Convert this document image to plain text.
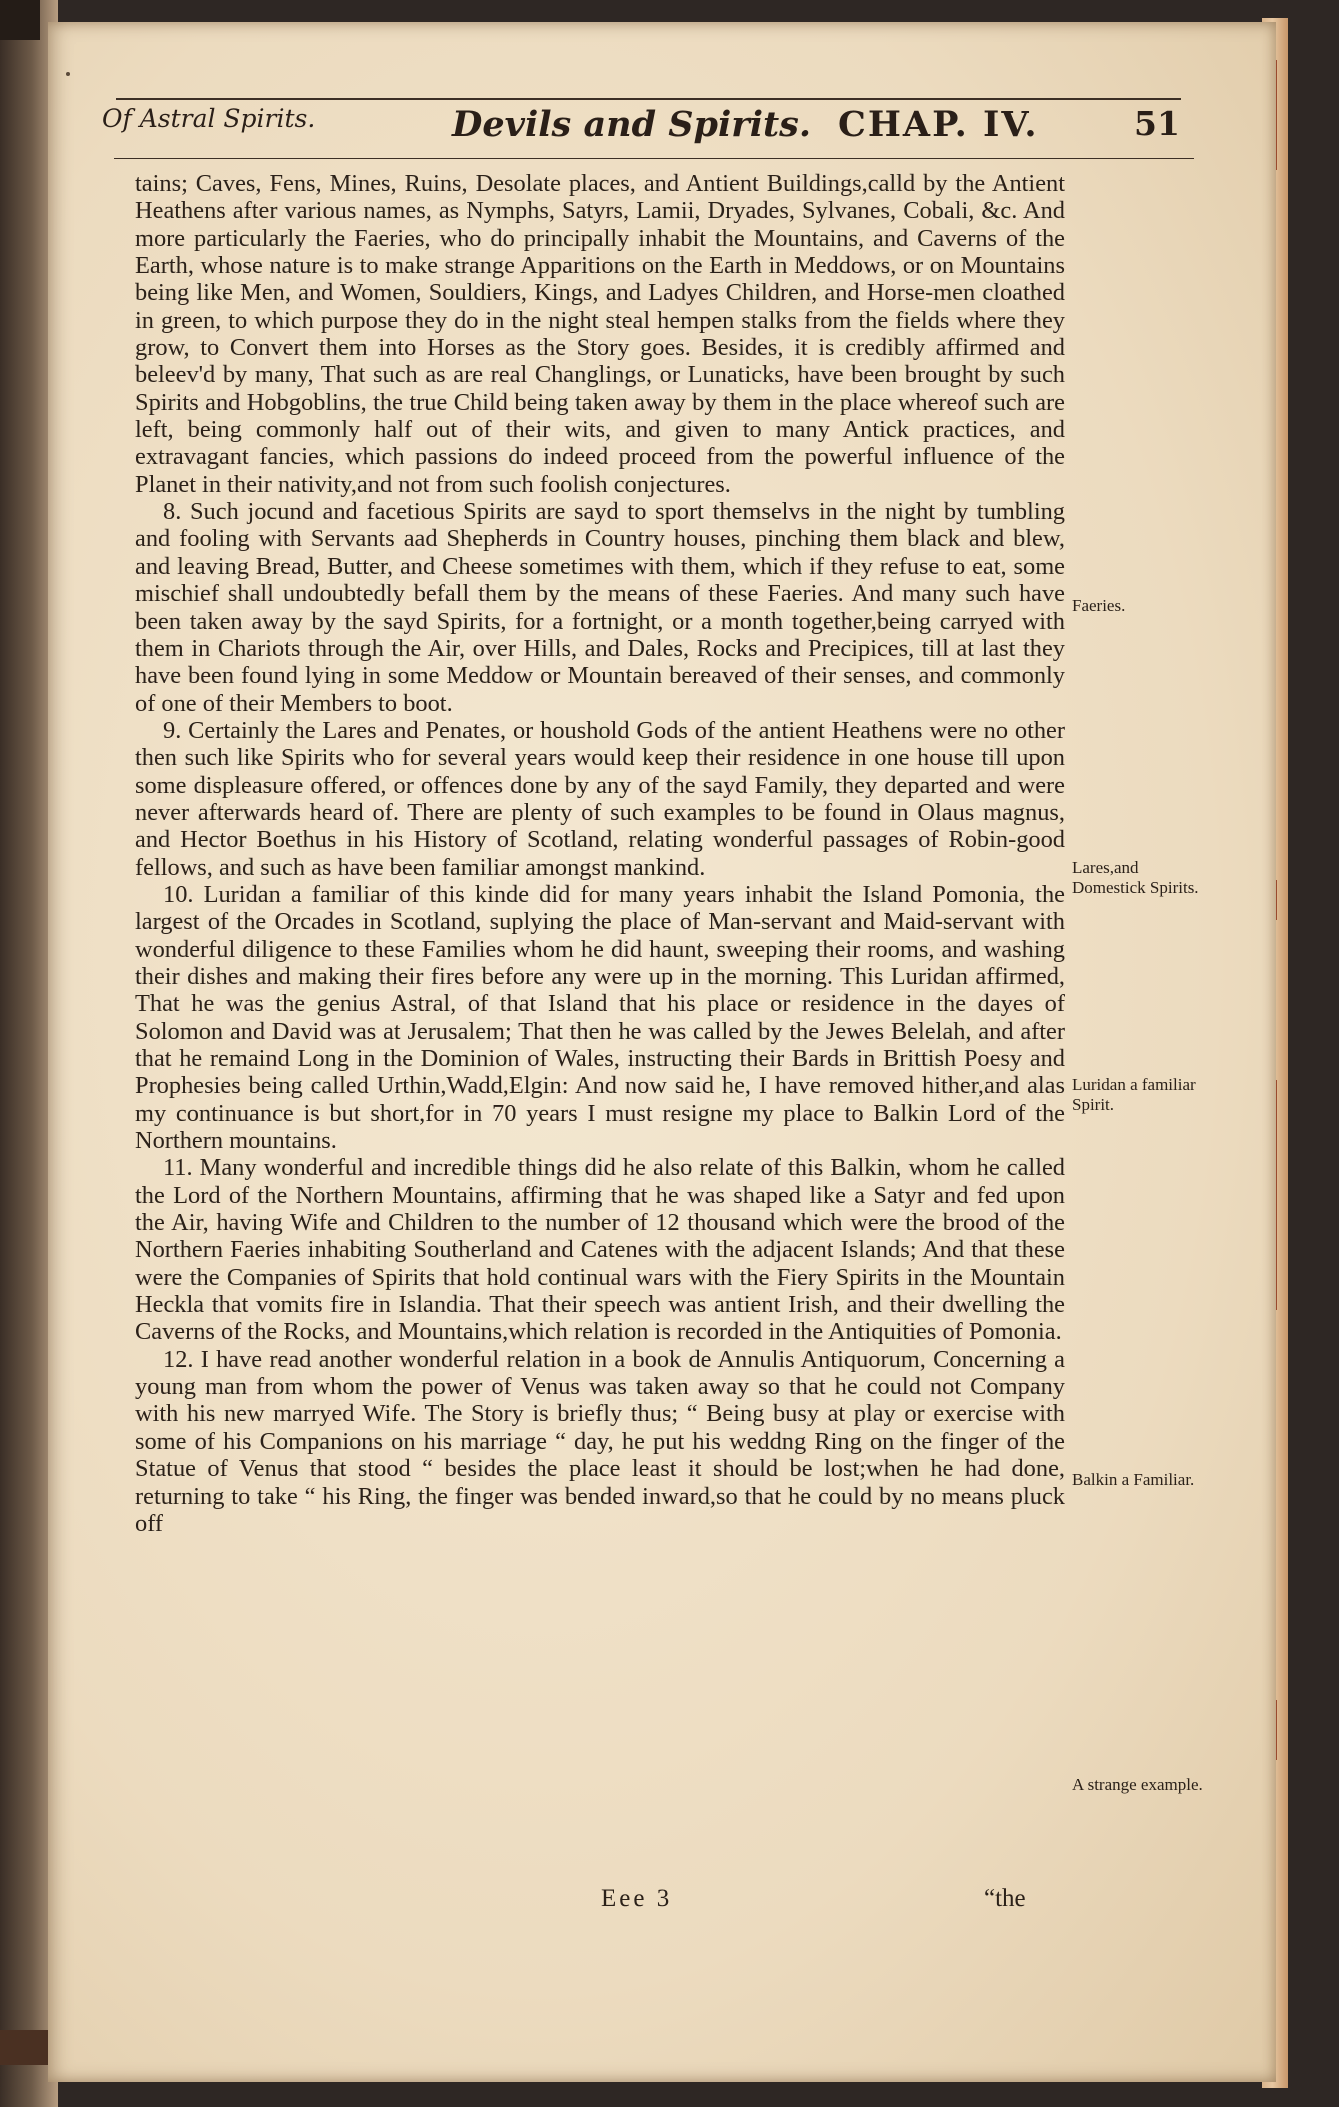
Of Astral Spirits.	Devils and Spirits. CHAP. IV.	51

tains; Caves, Fens, Mines, Ruins, Desolate places, and Antient Buildings,calld by the Antient Heathens after various names, as Nymphs, Satyrs, Lamii, Dryades, Sylvanes, Cobali, &c. And more particularly the Faeries, who do principally inhabit the Mountains, and Caverns of the Earth, whose nature is to make strange Apparitions on the Earth in Meddows, or on Mountains being like Men, and Women, Souldiers, Kings, and Ladyes Children, and Horse-men cloathed in green, to which purpose they do in the night steal hempen stalks from the fields where they grow, to Convert them into Horses as the Story goes. Besides, it is credibly affirmed and beleev'd by many, That such as are real Changlings, or Lunaticks, have been brought by such Spirits and Hobgoblins, the true Child being taken away by them in the place whereof such are left, being commonly half out of their wits, and given to many Antick practices, and extravagant fancies, which passions do indeed proceed from the powerful influence of the Planet in their nativity,and not from such foolish conjectures.

8. Such jocund and facetious Spirits are sayd to sport themselvs in the night by tumbling and fooling with Servants aad Shepherds in Country houses, pinching them black and blew, and leaving Bread, Butter, and Cheese sometimes with them, which if they refuse to eat, some mischief shall undoubtedly befall them by the means of these Faeries. And many such have been taken away by the sayd Spirits, for a fortnight, or a month together,being carryed with them in Chariots through the Air, over Hills, and Dales, Rocks and Precipices, till at last they have been found lying in some Meddow or Mountain bereaved of their senses, and commonly of one of their Members to boot.

9. Certainly the Lares and Penates, or houshold Gods of the antient Heathens were no other then such like Spirits who for several years would keep their residence in one house till upon some displeasure offered, or offences done by any of the sayd Family, they departed and were never afterwards heard of. There are plenty of such examples to be found in Olaus magnus, and Hector Boethus in his History of Scotland, relating wonderful passages of Robin-good fellows, and such as have been familiar amongst mankind.

10. Luridan a familiar of this kinde did for many years inhabit the Island Pomonia, the largest of the Orcades in Scotland, suplying the place of Man-servant and Maid-servant with wonderful diligence to these Families whom he did haunt, sweeping their rooms, and washing their dishes and making their fires before any were up in the morning. This Luridan affirmed, That he was the genius Astral, of that Island that his place or residence in the dayes of Solomon and David was at Jerusalem; That then he was called by the Jewes Belelah, and after that he remaind Long in the Dominion of Wales, instructing their Bards in Brittish Poesy and Prophesies being called Urthin,Wadd,Elgin: And now said he, I have removed hither,and alas my continuance is but short,for in 70 years I must resigne my place to Balkin Lord of the Northern mountains.

11. Many wonderful and incredible things did he also relate of this Balkin, whom he called the Lord of the Northern Mountains, affirming that he was shaped like a Satyr and fed upon the Air, having Wife and Children to the number of 12 thousand which were the brood of the Northern Faeries inhabiting Southerland and Catenes with the adjacent Islands; And that these were the Companies of Spirits that hold continual wars with the Fiery Spirits in the Mountain Heckla that vomits fire in Islandia. That their speech was antient Irish, and their dwelling the Caverns of the Rocks, and Mountains,which relation is recorded in the Antiquities of Pomonia.

12. I have read another wonderful relation in a book de Annulis Antiquorum, Concerning a young man from whom the power of Venus was taken away so that he could not Company with his new marryed Wife. The Story is briefly thus; “ Being busy at play or exercise with some of his Companions on his marriage “ day, he put his weddng Ring on the finger of the Statue of Venus that stood “ besides the place least it should be lost;when he had done, returning to take “ his Ring, the finger was bended inward,so that he could by no means pluck off

Faeries.
Lares,and Domestick Spirits.
Luridan a familiar Spirit.
Balkin a Familiar.
A strange example.
Eee 3	“the
